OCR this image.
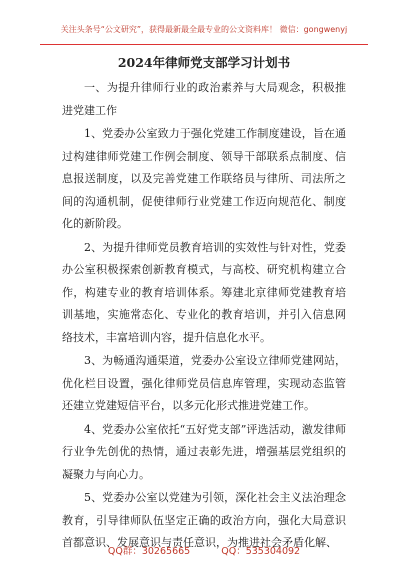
关注头条号“公文研究”，获得最新最全最专业的公文资料库！ 微信：gongwenyj
2024年律师党支部学习计划书

一、为提升律师行业的政治素养与大局观念，积极推进党建工作

1、党委办公室致力于强化党建工作制度建设，旨在通过构建律师党建工作例会制度、领导干部联系点制度、信息报送制度，以及完善党建工作联络员与律所、司法所之间的沟通机制，促使律师行业党建工作迈向规范化、制度化的新阶段。

2、为提升律师党员教育培训的实效性与针对性，党委办公室积极探索创新教育模式，与高校、研究机构建立合作，构建专业的教育培训体系。筹建北京律师党建教育培训基地，实施常态化、专业化的教育培训，并引入信息网络技术，丰富培训内容，提升信息化水平。

3、为畅通沟通渠道，党委办公室设立律师党建网站，优化栏目设置，强化律师党员信息库管理，实现动态监管还建立党建短信平台，以多元化形式推进党建工作。

4、党委办公室依托“五好党支部”评选活动，激发律师行业争先创优的热情，通过表彰先进，增强基层党组织的凝聚力与向心力。

5、党委办公室以党建为引领，深化社会主义法治理念教育，引导律师队伍坚定正确的政治方向，强化大局意识首都意识、发展意识与责任意识，为推进社会矛盾化解、

QQ群：30265665	QQ：535304092
